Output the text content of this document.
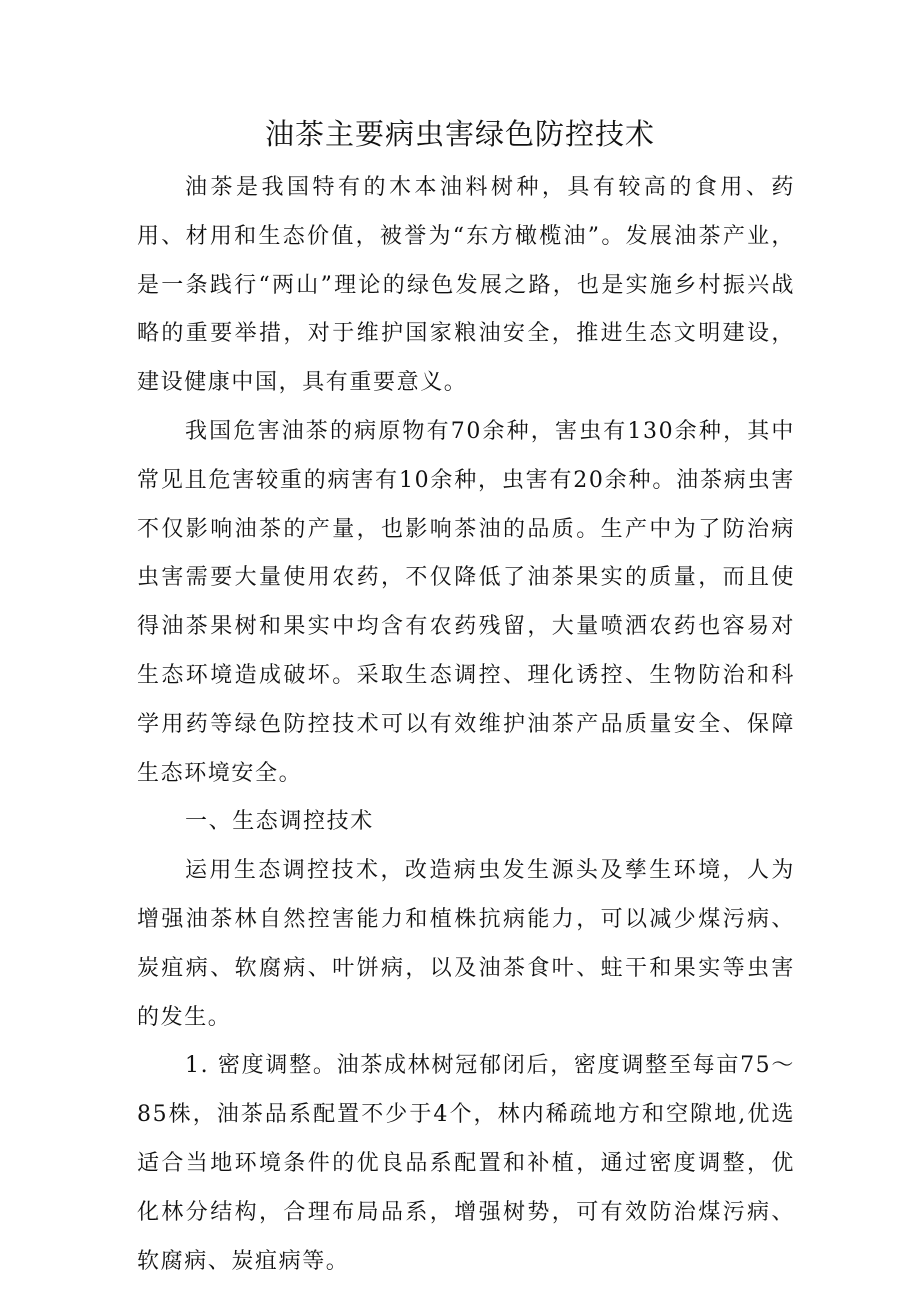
油茶主要病虫害绿色防控技术

油茶是我国特有的木本油料树种，具有较高的食用、药用、材用和生态价值，被誉为“东方橄榄油”。发展油茶产业，是一条践行“两山”理论的绿色发展之路，也是实施乡村振兴战略的重要举措，对于维护国家粮油安全，推进生态文明建设，建设健康中国，具有重要意义。

我国危害油茶的病原物有70余种，害虫有130余种，其中常见且危害较重的病害有10余种，虫害有20余种。油茶病虫害不仅影响油茶的产量，也影响茶油的品质。生产中为了防治病虫害需要大量使用农药，不仅降低了油茶果实的质量，而且使得油茶果树和果实中均含有农药残留，大量喷洒农药也容易对生态环境造成破坏。采取生态调控、理化诱控、生物防治和科学用药等绿色防控技术可以有效维护油茶产品质量安全、保障生态环境安全。

一、生态调控技术

运用生态调控技术，改造病虫发生源头及孳生环境，人为增强油茶林自然控害能力和植株抗病能力，可以减少煤污病、炭疽病、软腐病、叶饼病，以及油茶食叶、蛀干和果实等虫害的发生。

1. 密度调整。油茶成林树冠郁闭后，密度调整至每亩75～85株，油茶品系配置不少于4个，林内稀疏地方和空隙地,优选适合当地环境条件的优良品系配置和补植，通过密度调整，优化林分结构，合理布局品系，增强树势，可有效防治煤污病、软腐病、炭疽病等。
